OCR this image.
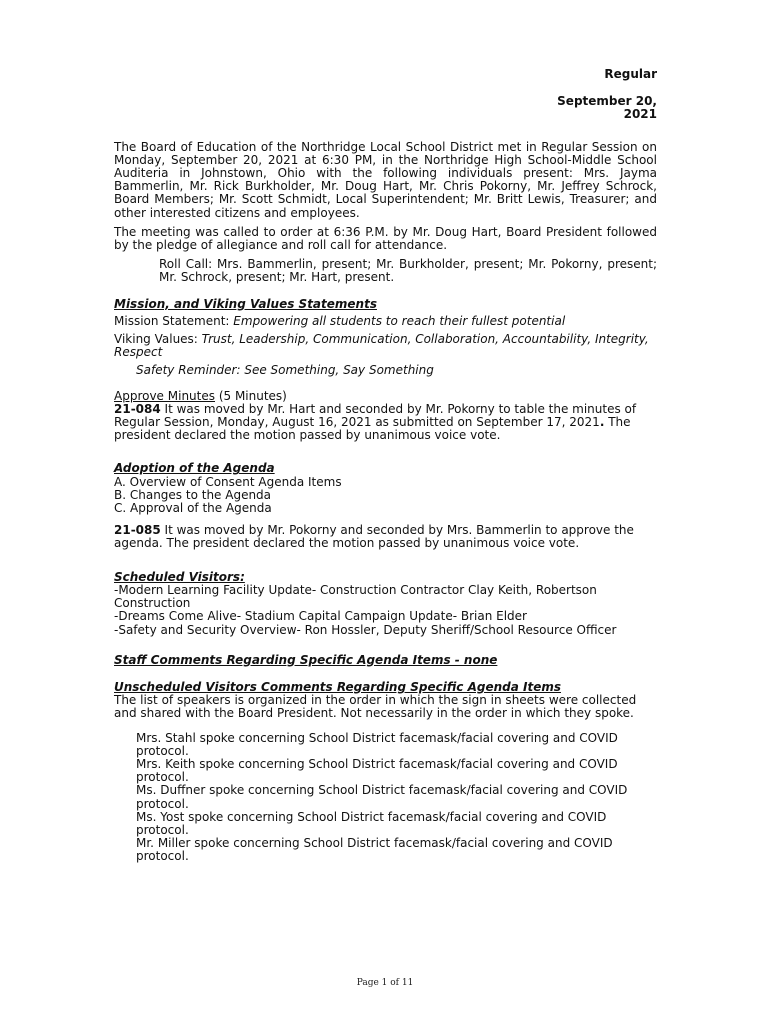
Regular
September 20,
2021

The Board of Education of the Northridge Local School District met in Regular Session on Monday, September 20, 2021 at 6:30 PM, in the Northridge High School-Middle School Auditeria in Johnstown, Ohio with the following individuals present: Mrs. Jayma Bammerlin, Mr. Rick Burkholder, Mr. Doug Hart, Mr. Chris Pokorny, Mr. Jeffrey Schrock, Board Members; Mr. Scott Schmidt, Local Superintendent; Mr. Britt Lewis, Treasurer; and other interested citizens and employees.

The meeting was called to order at 6:36 P.M. by Mr. Doug Hart, Board President followed by the pledge of allegiance and roll call for attendance.

Roll Call: Mrs. Bammerlin, present; Mr. Burkholder, present; Mr. Pokorny, present; Mr. Schrock, present; Mr. Hart, present.

Mission, and Viking Values Statements

Mission Statement: Empowering all students to reach their fullest potential

Viking Values: Trust, Leadership, Communication, Collaboration, Accountability, Integrity, Respect

Safety Reminder: See Something, Say Something

Approve Minutes (5 Minutes)

21-084 It was moved by Mr. Hart and seconded by Mr. Pokorny to table the minutes of Regular Session, Monday, August 16, 2021 as submitted on September 17, 2021. The president declared the motion passed by unanimous voice vote.

Adoption of the Agenda

A. Overview of Consent Agenda Items
B. Changes to the Agenda
C. Approval of the Agenda

21-085 It was moved by Mr. Pokorny and seconded by Mrs. Bammerlin to approve the agenda. The president declared the motion passed by unanimous voice vote.

Scheduled Visitors:

-Modern Learning Facility Update- Construction Contractor Clay Keith, Robertson Construction

-Dreams Come Alive- Stadium Capital Campaign Update- Brian Elder

-Safety and Security Overview- Ron Hossler, Deputy Sheriff/School Resource Officer

Staff Comments Regarding Specific Agenda Items - none

Unscheduled Visitors Comments Regarding Specific Agenda Items

The list of speakers is organized in the order in which the sign in sheets were collected and shared with the Board President. Not necessarily in the order in which they spoke.

Mrs. Stahl spoke concerning School District facemask/facial covering and COVID protocol.

Mrs. Keith spoke concerning School District facemask/facial covering and COVID protocol.

Ms. Duffner spoke concerning School District facemask/facial covering and COVID protocol.

Ms. Yost spoke concerning School District facemask/facial covering and COVID protocol.

Mr. Miller spoke concerning School District facemask/facial covering and COVID protocol.

Page 1 of 11
